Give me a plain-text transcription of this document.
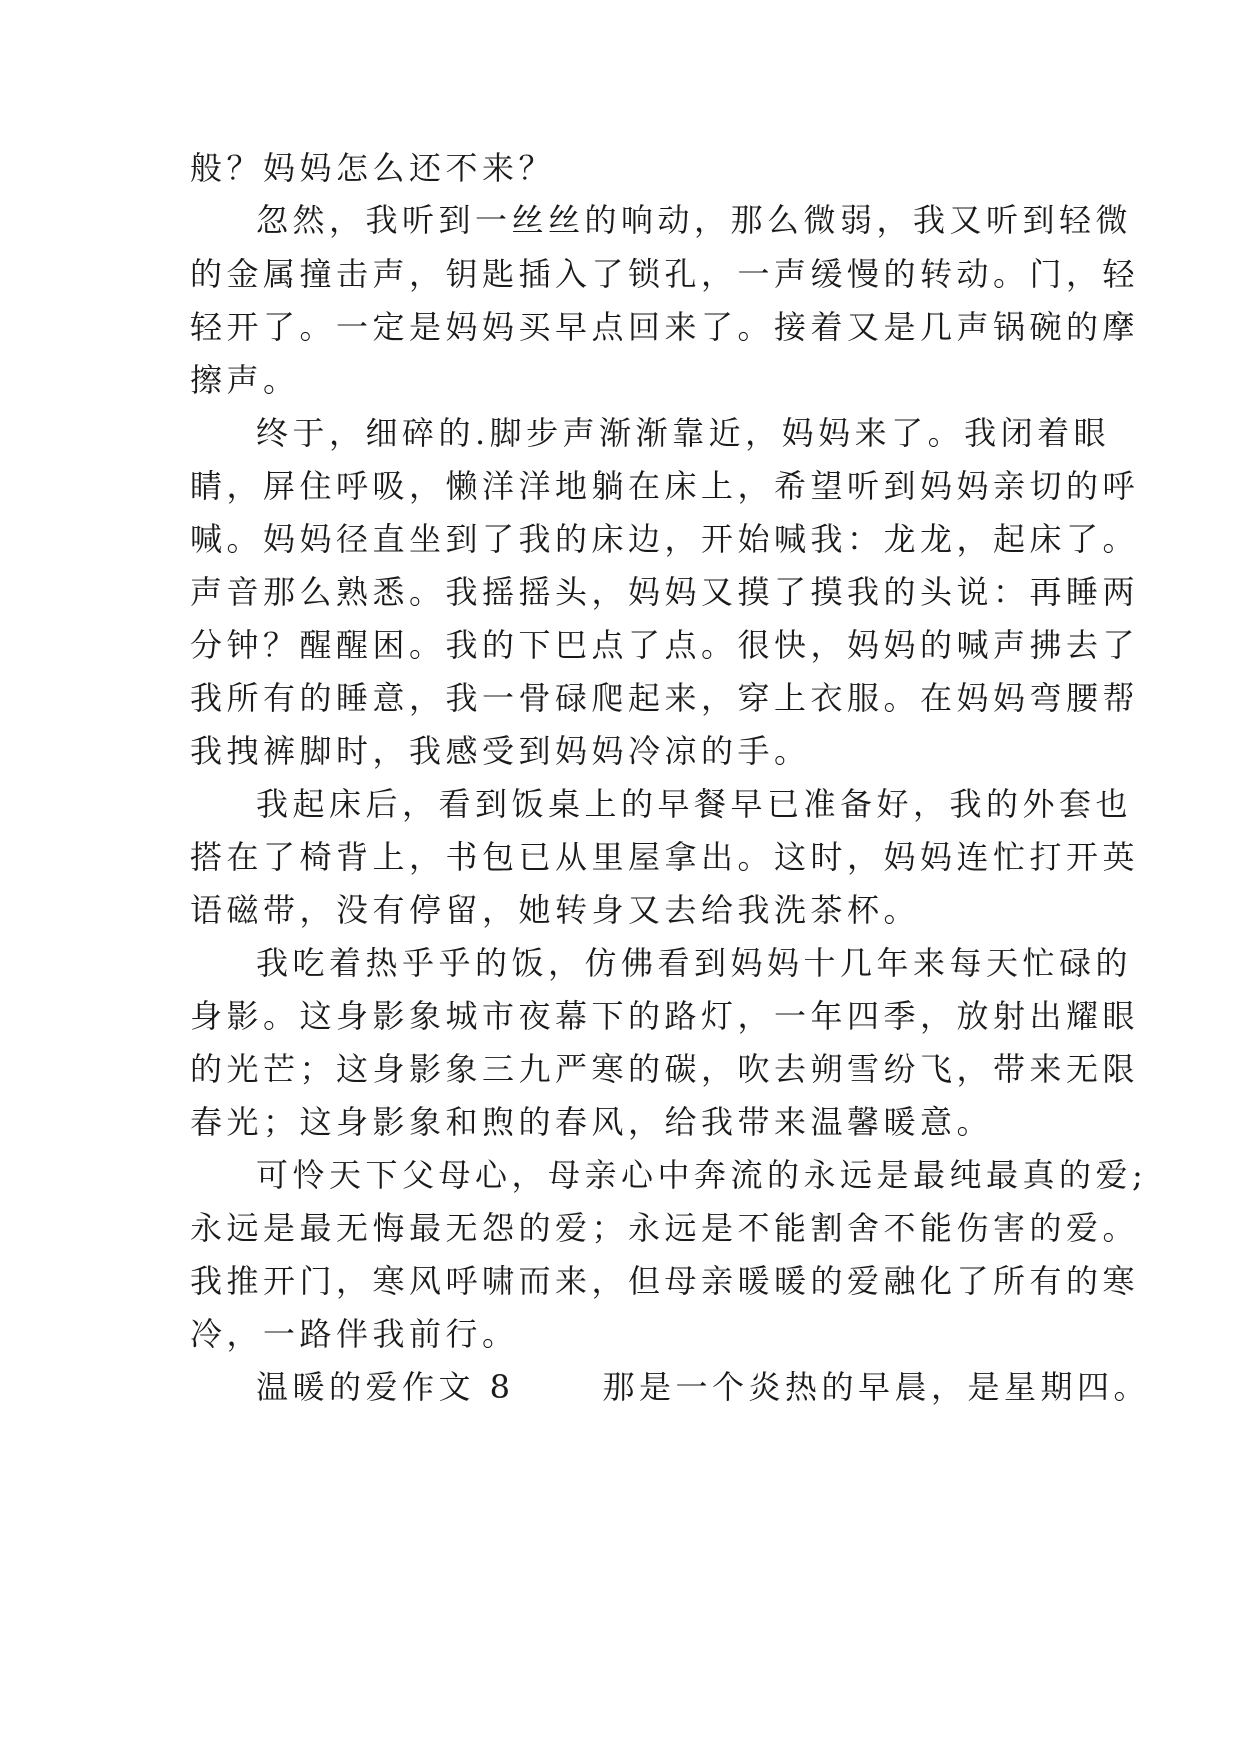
般？妈妈怎么还不来？
忽然，我听到一丝丝的响动，那么微弱，我又听到轻微
的金属撞击声，钥匙插入了锁孔，一声缓慢的转动。门，轻
轻开了。一定是妈妈买早点回来了。接着又是几声锅碗的摩
擦声。
终于，细碎的.脚步声渐渐靠近，妈妈来了。我闭着眼
睛，屏住呼吸，懒洋洋地躺在床上，希望听到妈妈亲切的呼
喊。妈妈径直坐到了我的床边，开始喊我：龙龙，起床了。
声音那么熟悉。我摇摇头，妈妈又摸了摸我的头说：再睡两
分钟？醒醒困。我的下巴点了点。很快，妈妈的喊声拂去了
我所有的睡意，我一骨碌爬起来，穿上衣服。在妈妈弯腰帮
我拽裤脚时，我感受到妈妈冷凉的手。
我起床后，看到饭桌上的早餐早已准备好，我的外套也
搭在了椅背上，书包已从里屋拿出。这时，妈妈连忙打开英
语磁带，没有停留，她转身又去给我洗茶杯。
我吃着热乎乎的饭，仿佛看到妈妈十几年来每天忙碌的
身影。这身影象城市夜幕下的路灯，一年四季，放射出耀眼
的光芒；这身影象三九严寒的碳，吹去朔雪纷飞，带来无限
春光；这身影象和煦的春风，给我带来温馨暖意。
可怜天下父母心，母亲心中奔流的永远是最纯最真的爱;
永远是最无悔最无怨的爱；永远是不能割舍不能伤害的爱。
我推开门，寒风呼啸而来，但母亲暖暖的爱融化了所有的寒
冷，一路伴我前行。
温暖的爱作文 8	那是一个炎热的早晨，是星期四。
